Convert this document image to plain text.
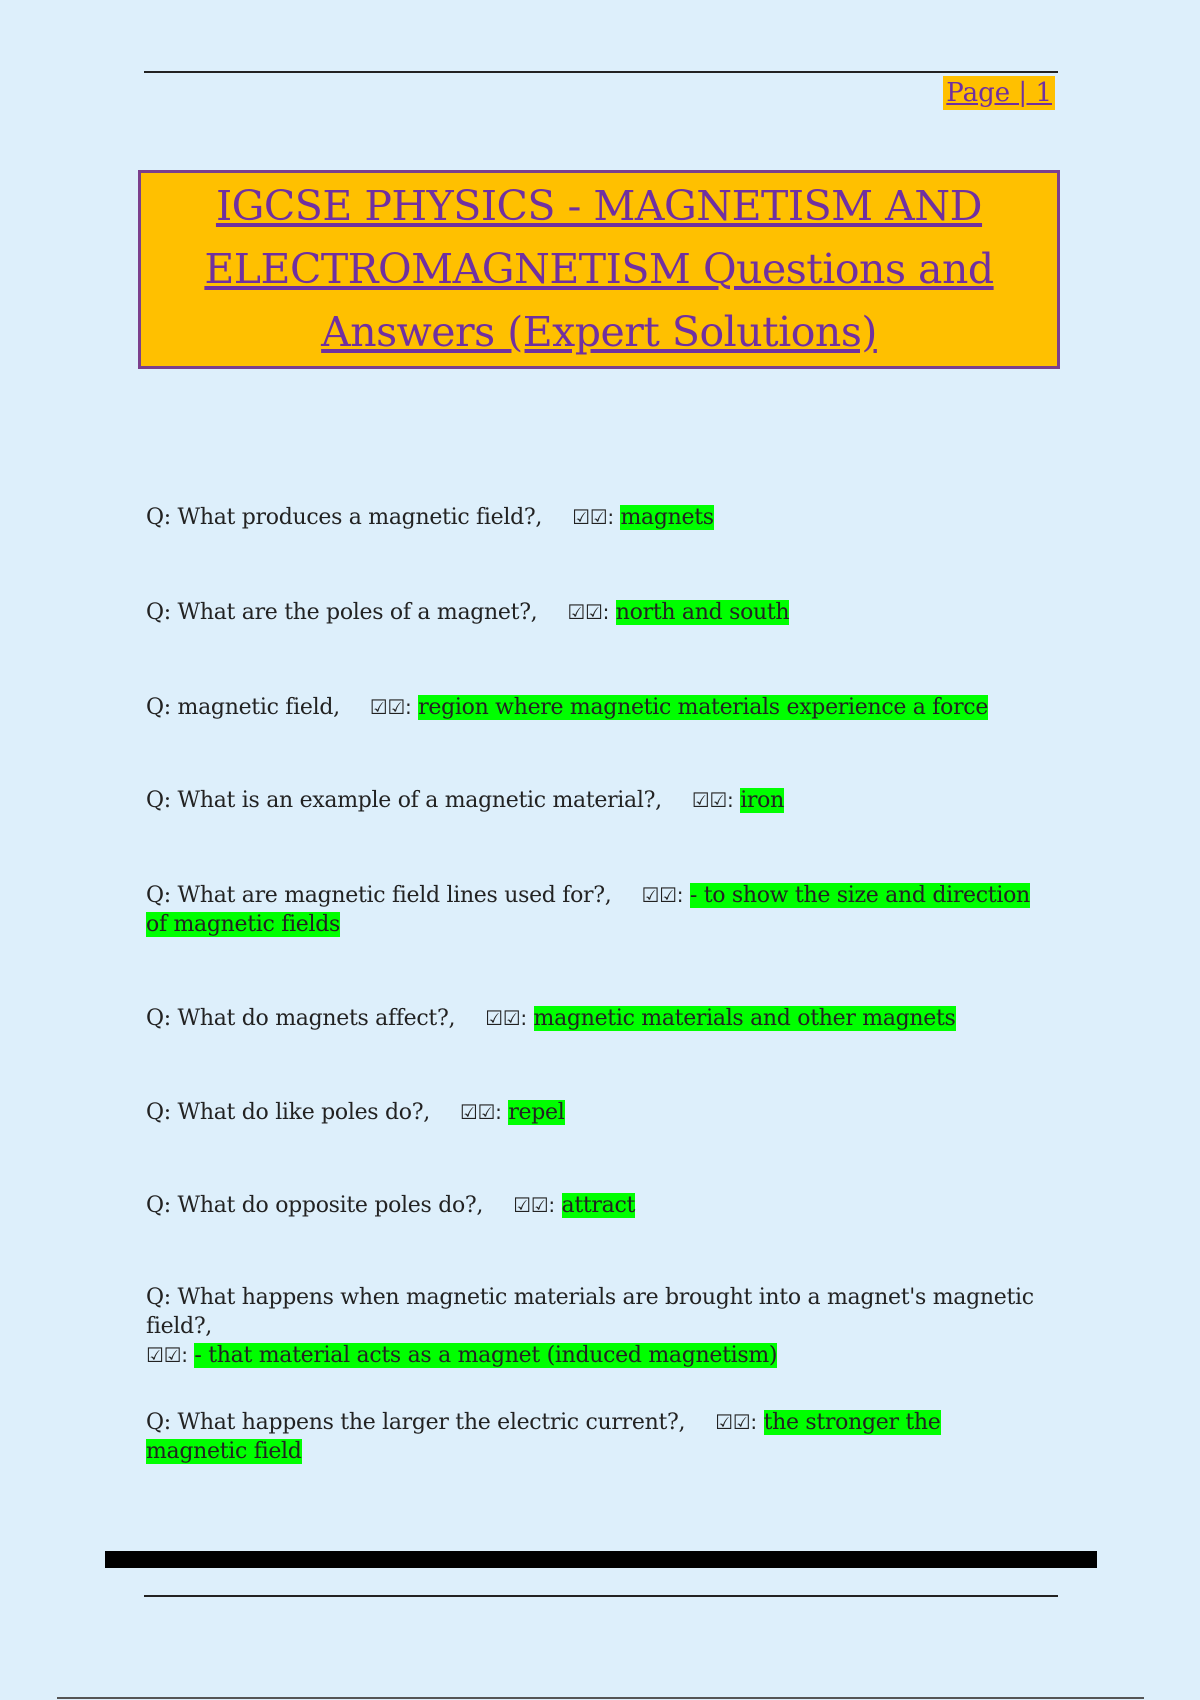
Page | 1
IGCSE PHYSICS - MAGNETISM AND
ELECTROMAGNETISM Questions and
Answers (Expert Solutions)
Q: What produces a magnetic field?, ☑☑: magnets
Q: What are the poles of a magnet?, ☑☑: north and south
Q: magnetic field, ☑☑: region where magnetic materials experience a force
Q: What is an example of a magnetic material?, ☑☑: iron
Q: What are magnetic field lines used for?, ☑☑: - to show the size and direction of magnetic fields
Q: What do magnets affect?, ☑☑: magnetic materials and other magnets
Q: What do like poles do?, ☑☑: repel
Q: What do opposite poles do?, ☑☑: attract
Q: What happens when magnetic materials are brought into a magnet's magnetic field?,
☑☑: - that material acts as a magnet (induced magnetism)
Q: What happens the larger the electric current?, ☑☑: the stronger the magnetic field
